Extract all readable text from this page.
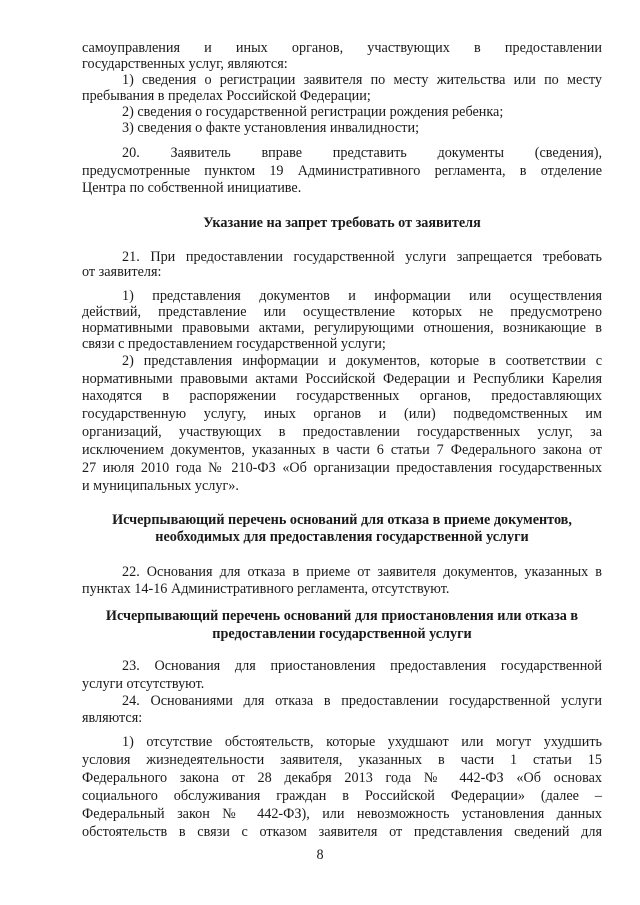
самоуправления и иных органов, участвующих в предоставлении
государственных услуг, являются:
1) сведения о регистрации заявителя по месту жительства или по месту
пребывания в пределах Российской Федерации;
2) сведения о государственной регистрации рождения ребенка;
3) сведения о факте установления инвалидности;
20. Заявитель вправе представить документы (сведения),
предусмотренные пунктом 19 Административного регламента, в отделение
Центра по собственной инициативе.
Указание на запрет требовать от заявителя
21. При предоставлении государственной услуги запрещается требовать
от заявителя:
1) представления документов и информации или осуществления
действий, представление или осуществление которых не предусмотрено
нормативными правовыми актами, регулирующими отношения, возникающие в
связи с предоставлением государственной услуги;
2) представления информации и документов, которые в соответствии с
нормативными правовыми актами Российской Федерации и Республики Карелия
находятся в распоряжении государственных органов, предоставляющих
государственную услугу, иных органов и (или) подведомственных им
организаций, участвующих в предоставлении государственных услуг, за
исключением документов, указанных в части 6 статьи 7 Федерального закона от
27 июля 2010 года № 210-ФЗ «Об организации предоставления государственных
и муниципальных услуг».
Исчерпывающий перечень оснований для отказа в приеме документов,
необходимых для предоставления государственной услуги
22. Основания для отказа в приеме от заявителя документов, указанных в
пунктах 14-16 Административного регламента, отсутствуют.
Исчерпывающий перечень оснований для приостановления или отказа в
предоставлении государственной услуги
23. Основания для приостановления предоставления государственной
услуги отсутствуют.
24. Основаниями для отказа в предоставлении государственной услуги
являются:
1) отсутствие обстоятельств, которые ухудшают или могут ухудшить
условия жизнедеятельности заявителя, указанных в части 1 статьи 15
Федерального закона от 28 декабря 2013 года № 442-ФЗ «Об основах
социального обслуживания граждан в Российской Федерации» (далее –
Федеральный закон № 442-ФЗ), или невозможность установления данных
обстоятельств в связи с отказом заявителя от представления сведений для
8
